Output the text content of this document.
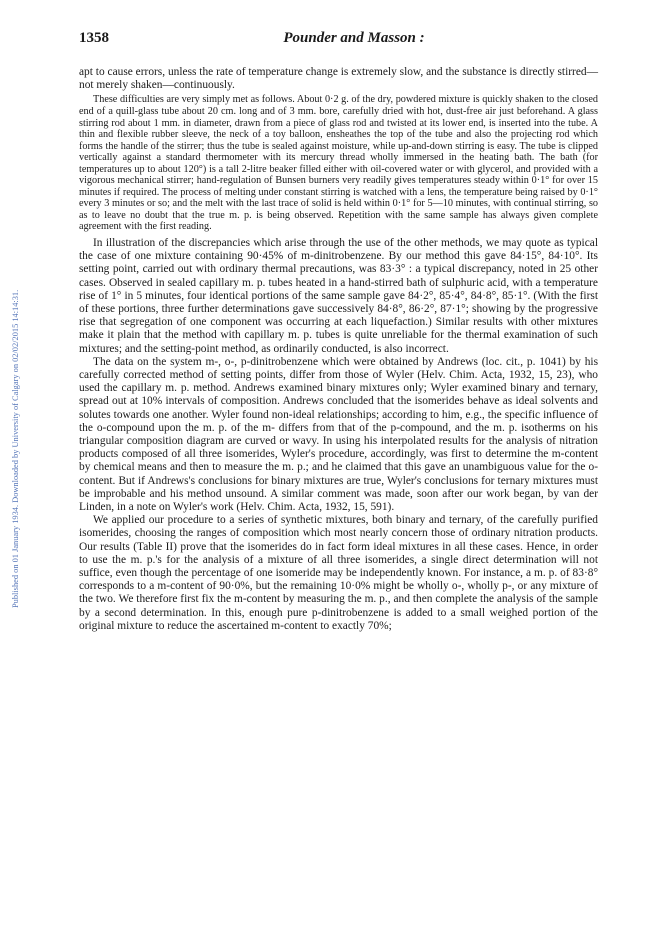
Published on 01 January 1934. Downloaded by University of Calgary on 02/02/2015 14:14:31.
1358	Pounder and Masson :

apt to cause errors, unless the rate of temperature change is extremely slow, and the substance is directly stirred—not merely shaken—continuously.

These difficulties are very simply met as follows. About 0·2 g. of the dry, powdered mixture is quickly shaken to the closed end of a quill-glass tube about 20 cm. long and of 3 mm. bore, carefully dried with hot, dust-free air just beforehand. A glass stirring rod about 1 mm. in diameter, drawn from a piece of glass rod and twisted at its lower end, is inserted into the tube. A thin and flexible rubber sleeve, the neck of a toy balloon, ensheathes the top of the tube and also the projecting rod which forms the handle of the stirrer; thus the tube is sealed against moisture, while up-and-down stirring is easy. The tube is clipped vertically against a standard thermometer with its mercury thread wholly immersed in the heating bath. The bath (for temperatures up to about 120°) is a tall 2-litre beaker filled either with oil-covered water or with glycerol, and provided with a vigorous mechanical stirrer; hand-regulation of Bunsen burners very readily gives temperatures steady within 0·1° for over 15 minutes if required. The process of melting under constant stirring is watched with a lens, the temperature being raised by 0·1° every 3 minutes or so; and the melt with the last trace of solid is held within 0·1° for 5—10 minutes, with continual stirring, so as to leave no doubt that the true m. p. is being observed. Repetition with the same sample has always given complete agreement with the first reading.

In illustration of the discrepancies which arise through the use of the other methods, we may quote as typical the case of one mixture containing 90·45% of m-dinitrobenzene. By our method this gave 84·15°, 84·10°. Its setting point, carried out with ordinary thermal precautions, was 83·3° : a typical discrepancy, noted in 25 other cases. Observed in sealed capillary m. p. tubes heated in a hand-stirred bath of sulphuric acid, with a temperature rise of 1° in 5 minutes, four identical portions of the same sample gave 84·2°, 85·4°, 84·8°, 85·1°. (With the first of these portions, three further determinations gave successively 84·8°, 86·2°, 87·1°; showing by the progressive rise that segregation of one component was occurring at each liquefaction.) Similar results with other mixtures make it plain that the method with capillary m. p. tubes is quite unreliable for the thermal examination of such mixtures; and the setting-point method, as ordinarily conducted, is also incorrect.

The data on the system m-, o-, p-dinitrobenzene which were obtained by Andrews (loc. cit., p. 1041) by his carefully corrected method of setting points, differ from those of Wyler (Helv. Chim. Acta, 1932, 15, 23), who used the capillary m. p. method. Andrews examined binary mixtures only; Wyler examined binary and ternary, spread out at 10% intervals of composition. Andrews concluded that the isomerides behave as ideal solvents and solutes towards one another. Wyler found non-ideal relationships; according to him, e.g., the specific influence of the o-compound upon the m. p. of the m- differs from that of the p-compound, and the m. p. isotherms on his triangular composition diagram are curved or wavy. In using his interpolated results for the analysis of nitration products composed of all three isomerides, Wyler's procedure, accordingly, was first to determine the m-content by chemical means and then to measure the m. p.; and he claimed that this gave an unambiguous value for the o-content. But if Andrews's conclusions for binary mixtures are true, Wyler's conclusions for ternary mixtures must be improbable and his method unsound. A similar comment was made, soon after our work began, by van der Linden, in a note on Wyler's work (Helv. Chim. Acta, 1932, 15, 591).

We applied our procedure to a series of synthetic mixtures, both binary and ternary, of the carefully purified isomerides, choosing the ranges of composition which most nearly concern those of ordinary nitration products. Our results (Table II) prove that the isomerides do in fact form ideal mixtures in all these cases. Hence, in order to use the m. p.'s for the analysis of a mixture of all three isomerides, a single direct determination will not suffice, even though the percentage of one isomeride may be independently known. For instance, a m. p. of 83·8° corresponds to a m-content of 90·0%, but the remaining 10·0% might be wholly o-, wholly p-, or any mixture of the two. We therefore first fix the m-content by measuring the m. p., and then complete the analysis of the sample by a second determination. In this, enough pure p-dinitrobenzene is added to a small weighed portion of the original mixture to reduce the ascertained m-content to exactly 70%;
